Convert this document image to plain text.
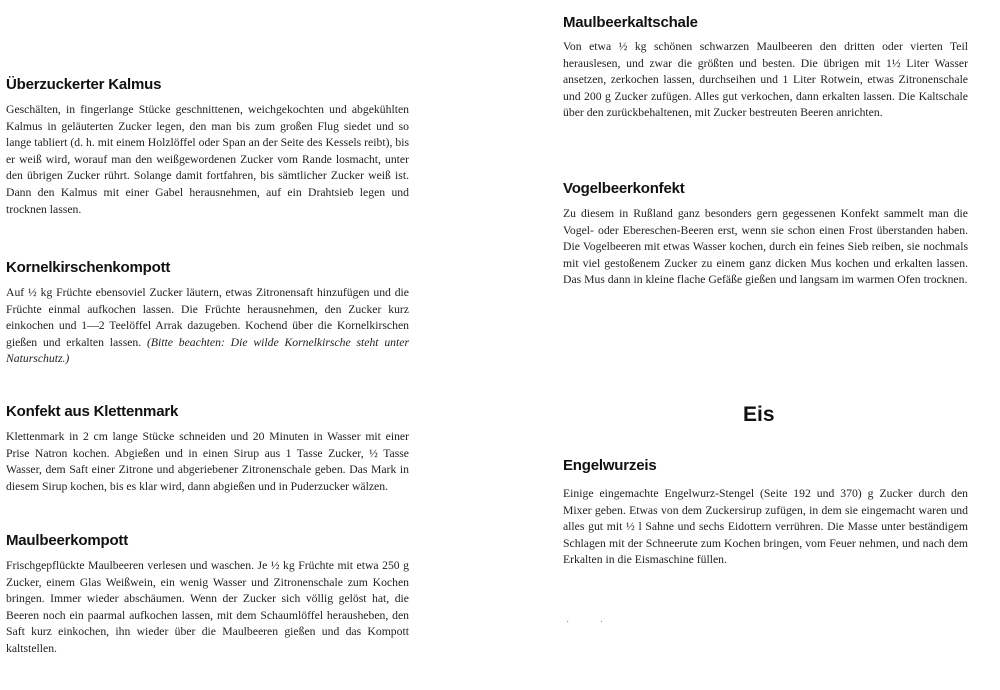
Überzuckerter Kalmus

Geschälten, in fingerlange Stücke geschnittenen, weichgekochten und abgekühlten Kalmus in geläuterten Zucker legen, den man bis zum großen Flug siedet und so lange tabliert (d. h. mit einem Holzlöffel oder Span an der Seite des Kessels reibt), bis er weiß wird, worauf man den weißgewordenen Zucker vom Rande losmacht, unter den übrigen Zucker rührt. Solange damit fortfahren, bis sämtlicher Zucker weiß ist. Dann den Kalmus mit einer Gabel herausnehmen, auf ein Drahtsieb legen und trocknen lassen.

Kornelkirschenkompott

Auf ½ kg Früchte ebensoviel Zucker läutern, etwas Zitronensaft hinzufügen und die Früchte einmal aufkochen lassen. Die Früchte herausnehmen, den Zucker kurz einkochen und 1—2 Teelöffel Arrak dazugeben. Kochend über die Kornelkirschen gießen und erkalten lassen. (Bitte beachten: Die wilde Kornelkirsche steht unter Naturschutz.)

Konfekt aus Klettenmark

Klettenmark in 2 cm lange Stücke schneiden und 20 Minuten in Wasser mit einer Prise Natron kochen. Abgießen und in einen Sirup aus 1 Tasse Zucker, ½ Tasse Wasser, dem Saft einer Zitrone und abgeriebener Zitronenschale geben. Das Mark in diesem Sirup kochen, bis es klar wird, dann abgießen und in Puderzucker wälzen.

Maulbeerkompott

Frischgepflückte Maulbeeren verlesen und waschen. Je ½ kg Früchte mit etwa 250 g Zucker, einem Glas Weißwein, ein wenig Wasser und Zitronenschale zum Kochen bringen. Immer wieder abschäumen. Wenn der Zucker sich völlig gelöst hat, die Beeren noch ein paarmal aufkochen lassen, mit dem Schaumlöffel herausheben, den Saft kurz einkochen, ihn wieder über die Maulbeeren gießen und das Kompott kaltstellen.

Maulbeerkaltschale

Von etwa ½ kg schönen schwarzen Maulbeeren den dritten oder vierten Teil herauslesen, und zwar die größten und besten. Die übrigen mit 1½ Liter Wasser ansetzen, zerkochen lassen, durchseihen und 1 Liter Rotwein, etwas Zitronenschale und 200 g Zucker zufügen. Alles gut verkochen, dann erkalten lassen. Die Kaltschale über den zurückbehaltenen, mit Zucker bestreuten Beeren anrichten.

Vogelbeerkonfekt

Zu diesem in Rußland ganz besonders gern gegessenen Konfekt sammelt man die Vogel- oder Ebereschen-Beeren erst, wenn sie schon einen Frost überstanden haben. Die Vogelbeeren mit etwas Wasser kochen, durch ein feines Sieb reiben, sie nochmals mit viel gestoßenem Zucker zu einem ganz dicken Mus kochen und erkalten lassen. Das Mus dann in kleine flache Gefäße gießen und langsam im warmen Ofen trocknen.

Engelwurzeis

Einige eingemachte Engelwurz-Stengel (Seite 192 und 370) g Zucker durch den Mixer geben. Etwas von dem Zuckersirup zufügen, in dem sie eingemacht waren und alles gut mit ½ l Sahne und sechs Eidottern verrühren. Die Masse unter beständigem Schlagen mit der Schneerute zum Kochen bringen, vom Feuer nehmen, und nach dem Erkalten in die Eismaschine füllen.

Eis
· ·
